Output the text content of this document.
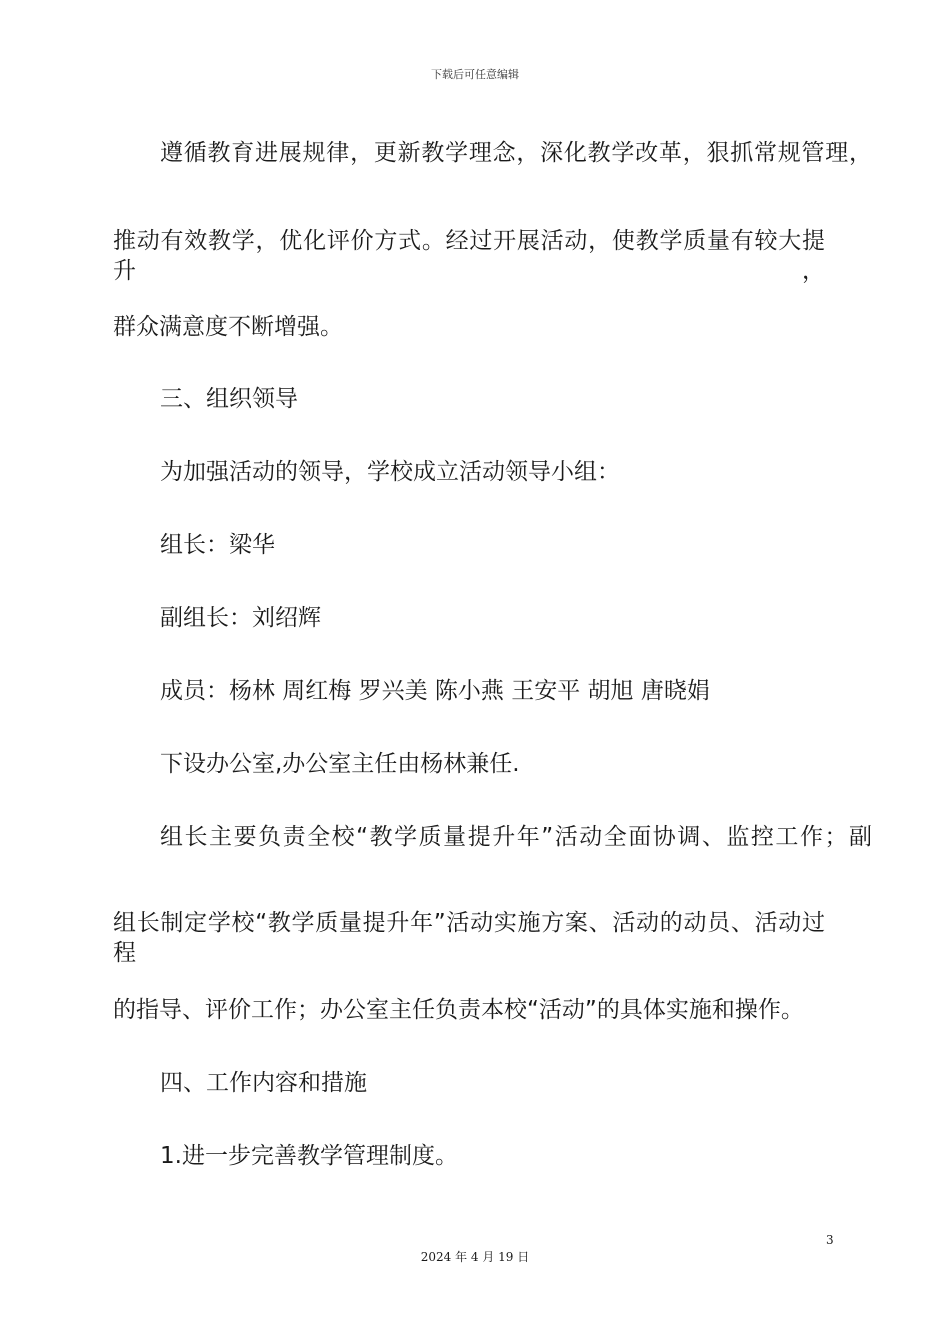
下载后可任意编辑
遵循教育进展规律，更新教学理念，深化教学改革，狠抓常规管理，
推动有效教学，优化评价方式。经过开展活动，使教学质量有较大提升，
群众满意度不断增强。
三、组织领导
为加强活动的领导，学校成立活动领导小组：
组长：梁华
副组长：刘绍辉
成员：杨林 周红梅 罗兴美 陈小燕 王安平 胡旭 唐晓娟
下设办公室,办公室主任由杨林兼任.
组长主要负责全校“教学质量提升年”活动全面协调、监控工作；副
组长制定学校“教学质量提升年”活动实施方案、活动的动员、活动过程
的指导、评价工作；办公室主任负责本校“活动”的具体实施和操作。
四、工作内容和措施
1.进一步完善教学管理制度。
3
2024 年 4 月 19 日
